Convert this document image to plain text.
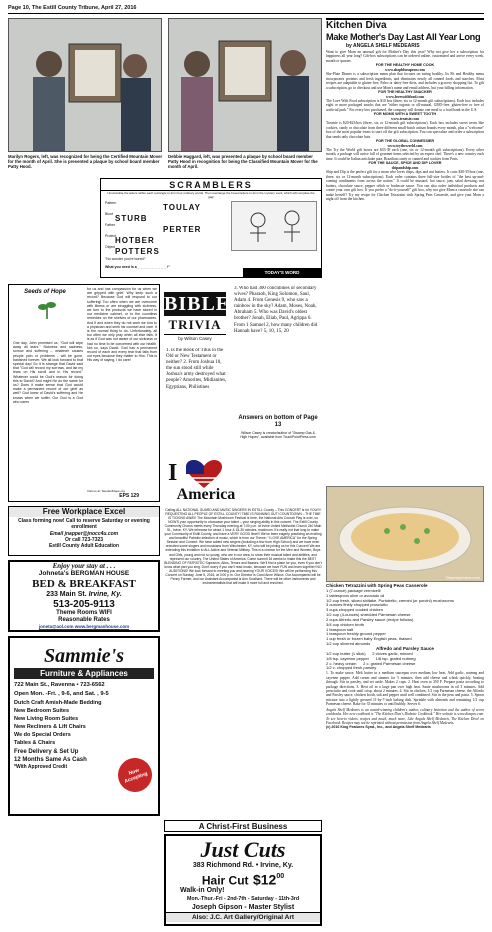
Page 10, The Estill County Tribune, April 27, 2016
Marilyn Rogers, left, was recognized for being the Certified Mountain Mover for the month of April. She is presented a plaque by school board member Patty Hood.
Debbie Haggard, left, was presented a plaque by school board member Patty Hood in recognition for being the Classified Mountain Mover for the month of April.
SCRAMBLERS
Unscramble the letters within each rectangle to form four ordinary words. Then rearrange the boxed letters to form the mystery word, which will complete the gag!
Pattern	TOULAY
Blunt STURB
Father	PERTER
Protect
HOTBER
Object POTTERS
"No wonder you're bored!"
What you need is a _ _ _ _ _ _ _ _ _ _ !"
TODAY'S WORD
Seeds of Hope
One day, John promised us, "God will wipe away all tears." Sickness and sadness, sorrow and suffering – whatever causes people pain or problems - will be gone, banished forever. We all look forward to that special day! So it is strange that David said that "God will record my sorrows, and list my tears on His scroll and in His record." Whatever could be God's reason for doing this to David? And might He do the same for us? Does it make sense that God would make a permanent record of our grief as well? God knew of David's suffering and He knows when we suffer. Our God is a God who cares
for us and has compassion for us when we are gripped with grief. Why keep such a record? Because God will respond to our suffering! Too often when we are overcome with illness or are struggling with sickness, we turn to the products we have stored in our medicine cabinet, or to the countless remedies on the shelves of our pharmacies. And if and when they do not work we turn to a physician and seek his counsel and care. It is the normal thing to do. Unfortunately, all too often we only pray when all else fails. It is as if God was not aware of our sickness or had no time to be concerned with our health. Not so, says David. God has a permanent record of each and every tear that falls from our eyes because they matter to Him. This is His way of saying, I do care!
Visit us at: SeedsofHope.org
EPS 129
Free Workplace Excel
Class forming now! Call to reserve Saturday or evening enrollment
Email jnapper@jnocc4u.com
Or call 723-7323
Estill County Adult Education
Enjoy your stay at . . .
Johneta's BERGMAN HOUSE
BED & BREAKFAST
233 Main St. Irvine, Ky.
513-205-9113
Theme Rooms WIFI
Reasonable Rates
joneta@aol.com www.bergmanhouse.com
Sammie's
Furniture & Appliances
722 Main St., Ravenna • 723-6562
Open Mon. -Fri. , 9-6, and Sat. , 9-5
Dutch Craft Amish-Made Bedding
New Bedroom Suites
New Living Room Suites
New Recliners & Lift Chairs
We do Special Orders
Tables & Chairs
Free Delivery & Set Up
12 Months Same As Cash
*With Approved Credit
Now Accepting
BIBLE
TRIVIA
by Wilson Casey
1. Is the Book of Titus in the Old or New Testament or neither? 2. From Joshua 10, the sun stood still while Joshua's army destroyed what people? Amorites, Midianites, Egyptians, Philistines
3. Who had 300 concubines or secondary wives? Pharaoh, King Solomon, Saul, Adam 4. From Genesis 9, who saw a rainbow in the sky? Adam, Moses, Noah, Abraham 5. Who was David's oldest brother? Jonah, Eliab, Paul, Agrippa 6. From 1 Samuel 2, how many children did Hannah have? 5, 10, 15, 20
Answers on bottom of Page 13
Wilson Casey is creator/author of "Swamp Gas & High Hopes", available from TouchPointPress.com
I
America
Calling ALL NATIONAL GUARD AND MUSIC SINGERS IN ESTILL County – This CONCERT is for YOU!!!! REQUESTING ALL PEOPLE OF ESTILL COUNTY! TIME IS RUNNING OUT! COUNTDOWN – THE TIME IS TICKING AWAY! The Mountain Mushroom Festival is here, the National Arts Council Play is over, so NOW'S your opportunity to showcase your talent – your singing ability in this concert. The Estill County Community Chorus meets every Thursday evening at 7:00 p.m. at Irvine United Methodist Church 240 Main St., Irvine, KY. We rehearse for about 1 hour & 15-30 minutes, maximum. It's really not that long to make your Community of Estill County, and have a VERY GOOD time!!! We've been eagerly practicing an exciting and beautiful Patriotic selection of music, which is from our Theme: "I LOVE AMERICA" for the Spring Session and Concert. We have added new singers (including a few from High School) and we have even recruited some singers and musicians from Winchester, KY, who will be joining us for this Concert! We are extending this invitation to ALL Active and Veteran Military. This is a chance for the Men and Women, Boys and Girls, young and not so young, who are in our area, to show their musical talent and abilities, and represent our country, The United States of America. Come summit 16 weeks to make this the BEST BLENDING OF PATRIOTIC Sopranos, Altos, Tenors and Basses. We'll find a place for you, even if you don't know what part you sing. Don't worry if you can't read music, because we have FUN and learn together! NO AUDITIONS! We look forward to meeting you and hearing YOUR VOICES! We will be performing this Concert on Sunday, June 5, 2016, at 3:00 p.m. Our Director is Carol Anne Wilcox. Our Accompanist will be Penny Farmer, and our Assistant Accompanist is Ann Southard. There will be other instruments and instrumentalists that will make it more full and enriched.
A Christ-First Business
Just Cuts
383 Richmond Rd. • Irvine, Ky.
Hair Cut $\$12^{00}$
Walk-in Only!
Mon.-Thur.-Fri - 2nd-7th - Saturday - 11th-3rd
Joseph Gipson - Master Stylist
Also: J.C. Art Gallery/Original Art
Kitchen Diva
Make Mother's Day Last All Year Long
by ANGELA SHELF MEDEARIS

Want to give Mom an unusual gift for Mother's Day this year? Why not give her a subscription for happiness all year long? Gift-box subscriptions can be ordered online, customized and arrive every week, month or quarter.

FOR THE HEALTHY HOME COOK

www.shopblueapron.com

She-Plate Dinner is a subscription menu plan that focuses on eating healthy. Its Fit and Healthy menu incorporates proteins and fresh ingredients, and eliminates nearly all canned foods and starches. Most recipes are adaptable to gluten-free, Paleo or dairy-free diets, and includes a grocery shopping list. To gift a subscription, go to checkout and use Mom's name and email address, but your billing information.

FOR THE HEALTHY SNACKER

www.loveswithfood.com

The Love With Food subscription is $10 box (three, six or 12-month gift subscriptions). Each box includes eight or more packaged snacks that are "either organic or all-natural, GMO-free, gluten-free or free of artificial junk." For every box purchased, the company will donate one meal to a food bank in the U.S.

FOR MOMS WITH A SWEET TOOTH

www.treatsie.com

Treatsie is $20-$23/box (three, six or 12-month gift subscriptions). Each box includes sweet treats like cookies, candy or chocolate from three different small-batch artisan brands every month, plus a "welcome" box of the most popular treats to start off the gift subscription. You can specialize and order a subscription that sends only chocolate bars.

FOR THE GLOBAL CONNESSIER

www.trytheworld.com

The Try the World gift boxes are $33-39 each (one, six or 12-month gift subscriptions). Every other month, a package will arrive full of gourmet items selected by an expert chef. There's a new country each time. It could be Italian artichoke pate, Brazilian candy or canned and cookies from Paris.

FOR THE SAUCE, SPICE AND DIP LOVER

shipandship.com

Ship and Dip is the perfect gift for a mom who loves chips, dips and nut butters. It costs $30-35/box (one, three, six or 12-month subscriptions). Each order contains three full-size bottles of "the best up-and-coming condiments from across the nation." It could be mustard, hot sauce, jam, salad dressing, nut butters, chocolate sauce, pepper relish or barbecue sauce. You can also order individual products and create your own gift box. If you prefer a "do-it-yourself" gift box, why not give Mom a casserole she can make herself? Try my recipe for Chicken Tetrazzini with Spring Peas Casserole, and give your Mom a night off from the kitchen.

Depositphotos.com

Chicken Tetrazzini with Spring Peas Casserole

1 (7-ounce) package vermicelli

1 tablespoon olive or avocado oil

1/2 cup fresh, sliced shiitake, Portobello, cremini (or porcini) mushrooms

3 ounces finely chopped prosciutto

3 cups chopped cooked chicken

1/2 cup (4-ounces) shredded Parmesan cheese

2 cups Alfredo and Parsley sauce (recipe follows)

3/4 cup chicken broth

1 teaspoon salt

1 teaspoon freshly ground pepper

1 cup fresh or frozen baby English peas, thawed

1/2 cup slivered almonds

Alfredo and Parsley Sauce

1/2 cup butter (1 stick)      2 cloves garlic, minced

1/8 tsp. cayenne pepper      1/8 tsp. grated nutmeg

2 c. heavy cream      2 c. grated Parmesan cheese

1/2 c. chopped fresh parsley

1. To make sauce: Melt butter in a medium saucepan over medium low heat. Add garlic, nutmeg and cayenne pepper. Add cream and simmer for 5 minutes, then add cheese and whisk quickly, heating through. Stir in parsley, and set aside. Makes 2 cups. 2. Heat oven to 350 F. Prepare pasta according to package directions. 3. Heat oil in a large pan over high heat. Saute mushrooms in oil 3 minutes. Add prosciutto and cook until crisp, about 2 minutes. 4. Stir in chicken, 1/2 cup Parmesan cheese, the Alfredo and Parsley sauce, chicken broth, salt and pepper until well combined. Stir in the peas and pasta. 5. Spoon mixture into a lightly greased 11-by-7-inch baking dish. Sprinkle with almonds and remaining 1/2 cup Parmesan cheese. Bake for 35 minutes or until bubbly. Serves 6.

Angela Shelf Medearis is an award-winning children's author, culinary historian and the author of seven cookbooks. Her new cookbook is "The Kitchen Diva's Diabetic Cookbook." Her website is www.divapro.com. To see how-to videos, recipes and much, much more, Like Angela Shelf Medearis, The Kitchen Diva! on Facebook. Recipes may not be reprinted without permission from Angela Shelf Medearis.

(c) 2016 King Features Synd., Inc., and Angela Shelf Medearis
